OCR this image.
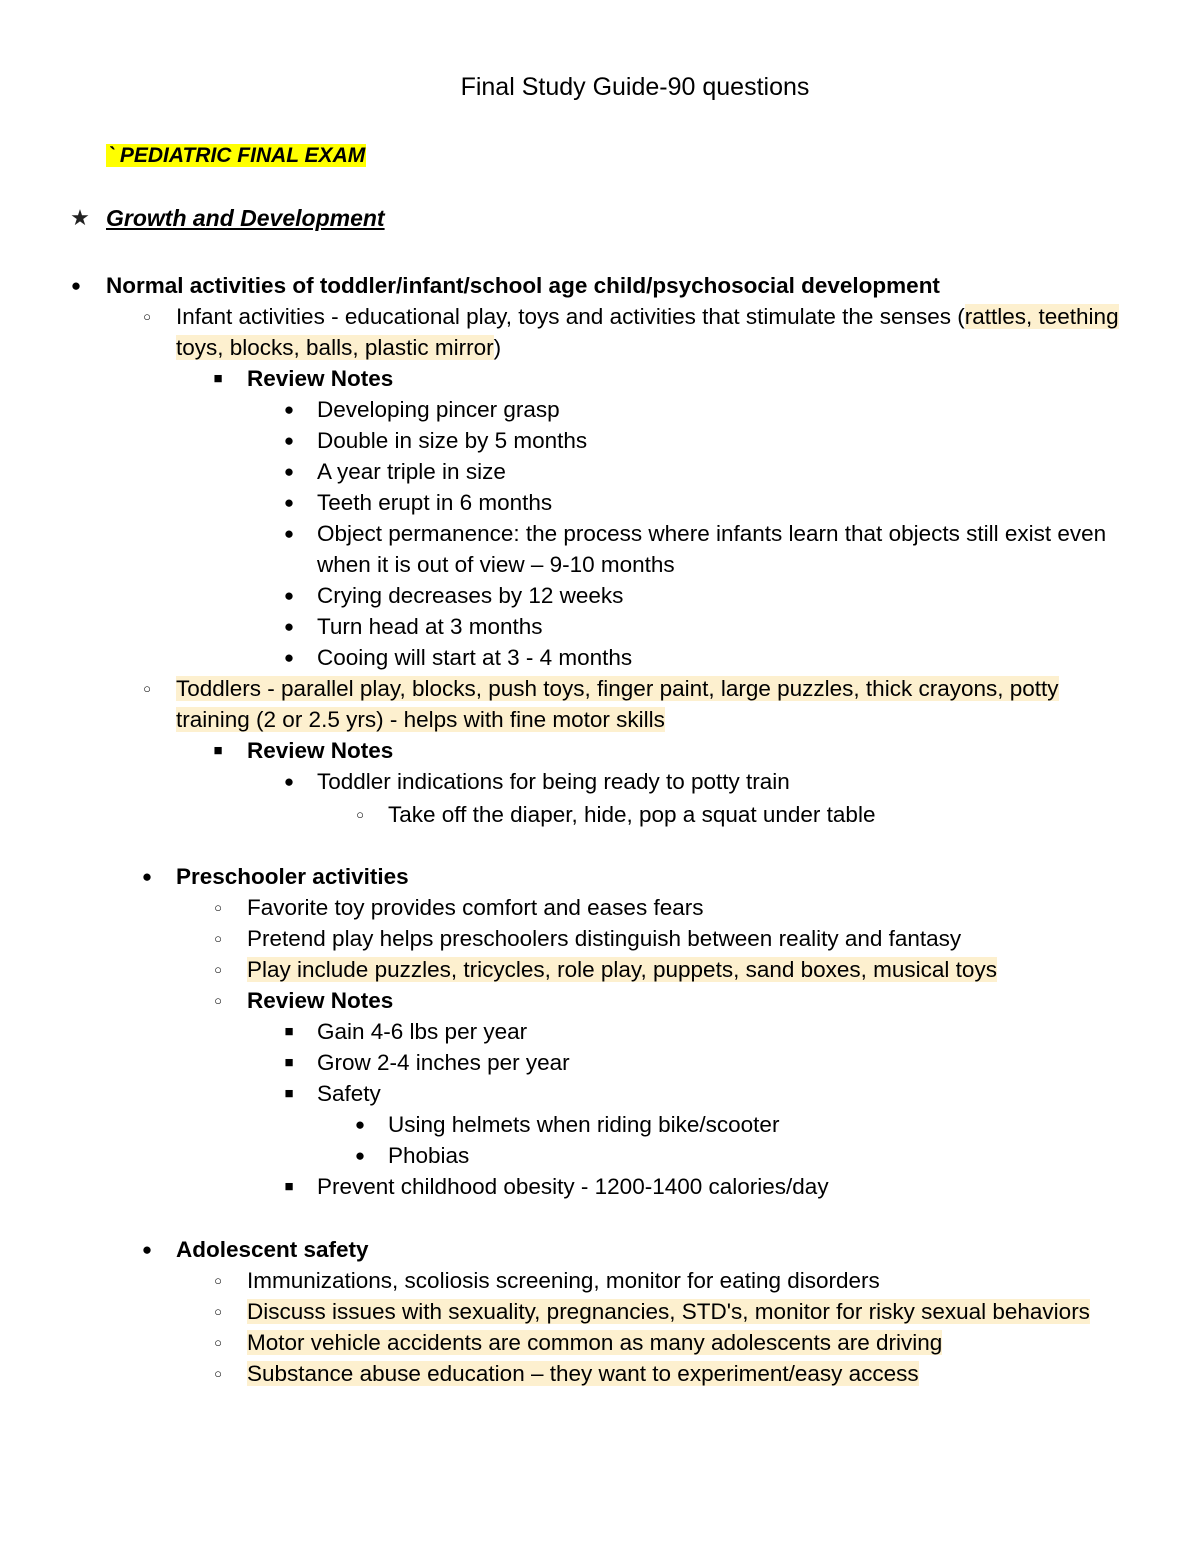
Final Study Guide-90 questions
` PEDIATRIC FINAL EXAM
★ Growth and Development
●	Normal activities of toddler/infant/school age child/psychosocial development
○	Infant activities - educational play, toys and activities that stimulate the senses (rattles, teething
toys, blocks, balls, plastic mirror)
■	Review Notes
●	Developing pincer grasp
●	Double in size by 5 months
●	A year triple in size
●	Teeth erupt in 6 months
●	Object permanence: the process where infants learn that objects still exist even
when it is out of view – 9-10 months
●	Crying decreases by 12 weeks
●	Turn head at 3 months
●	Cooing will start at 3 - 4 months
○	Toddlers - parallel play, blocks, push toys, finger paint, large puzzles, thick crayons, potty
training (2 or 2.5 yrs) - helps with fine motor skills
■	Review Notes
●	Toddler indications for being ready to potty train
○	Take off the diaper, hide, pop a squat under table
●	Preschooler activities
○	Favorite toy provides comfort and eases fears
○	Pretend play helps preschoolers distinguish between reality and fantasy
○	Play include puzzles, tricycles, role play, puppets, sand boxes, musical toys
○	Review Notes
■	Gain 4-6 lbs per year
■	Grow 2-4 inches per year
■	Safety
●	Using helmets when riding bike/scooter
●	Phobias
■	Prevent childhood obesity - 1200-1400 calories/day
●	Adolescent safety
○	Immunizations, scoliosis screening, monitor for eating disorders
○	Discuss issues with sexuality, pregnancies, STD's, monitor for risky sexual behaviors
○	Motor vehicle accidents are common as many adolescents are driving
○	Substance abuse education – they want to experiment/easy access
